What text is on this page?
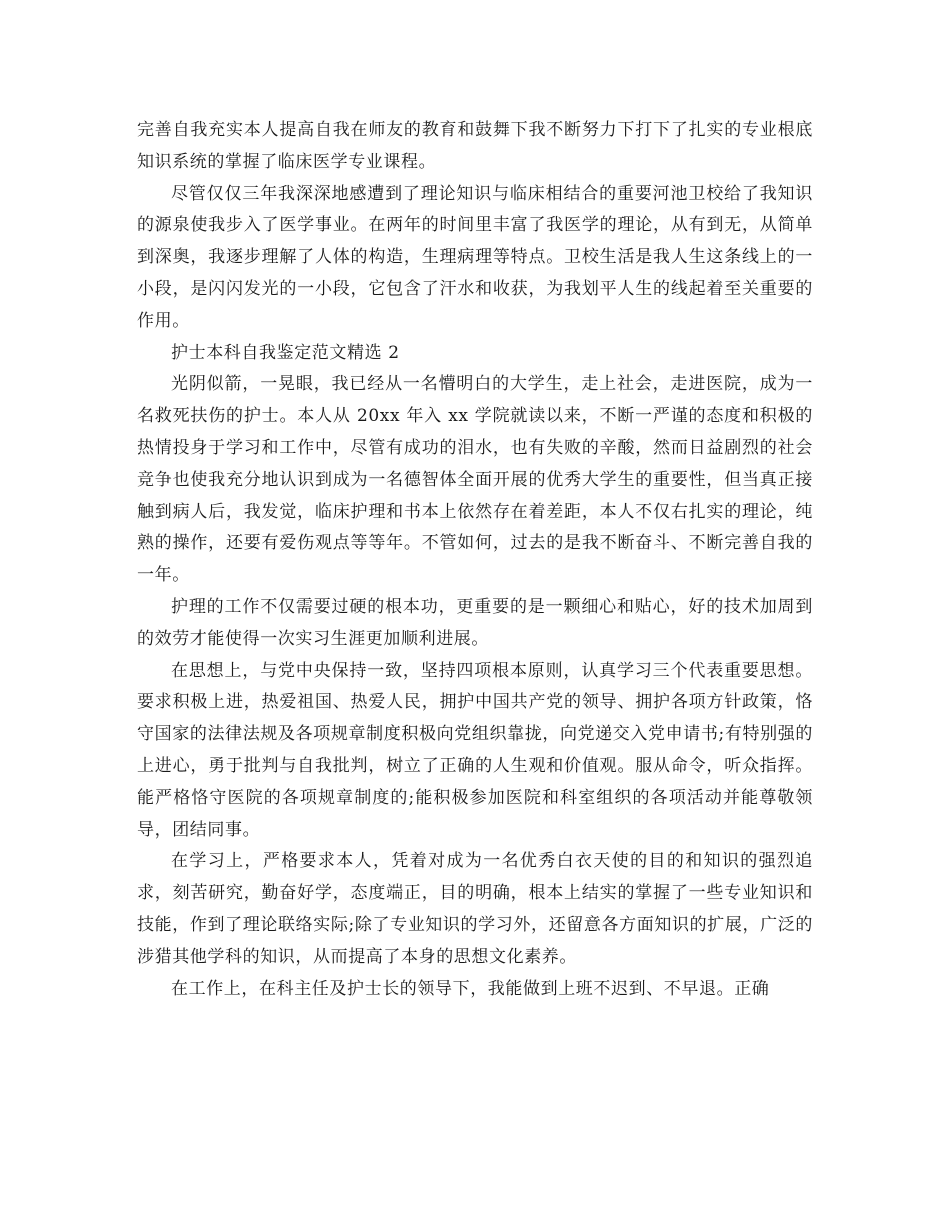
完善自我充实本人提高自我在师友的教育和鼓舞下我不断努力下打下了扎实的专业根底知识系统的掌握了临床医学专业课程。

尽管仅仅三年我深深地感遭到了理论知识与临床相结合的重要河池卫校给了我知识的源泉使我步入了医学事业。在两年的时间里丰富了我医学的理论，从有到无，从简单到深奥，我逐步理解了人体的构造，生理病理等特点。卫校生活是我人生这条线上的一小段，是闪闪发光的一小段，它包含了汗水和收获，为我划平人生的线起着至关重要的作用。

护士本科自我鉴定范文精选 2

光阴似箭，一晃眼，我已经从一名懵明白的大学生，走上社会，走进医院，成为一名救死扶伤的护士。本人从 20xx 年入 xx 学院就读以来，不断一严谨的态度和积极的热情投身于学习和工作中，尽管有成功的泪水，也有失败的辛酸，然而日益剧烈的社会竞争也使我充分地认识到成为一名德智体全面开展的优秀大学生的重要性，但当真正接触到病人后，我发觉，临床护理和书本上依然存在着差距，本人不仅右扎实的理论，纯熟的操作，还要有爱伤观点等等年。不管如何，过去的是我不断奋斗、不断完善自我的一年。

护理的工作不仅需要过硬的根本功，更重要的是一颗细心和贴心，好的技术加周到的效劳才能使得一次实习生涯更加顺利进展。

在思想上，与党中央保持一致，坚持四项根本原则，认真学习三个代表重要思想。要求积极上进，热爱祖国、热爱人民，拥护中国共产党的领导、拥护各项方针政策，恪守国家的法律法规及各项规章制度积极向党组织靠拢，向党递交入党申请书;有特别强的上进心，勇于批判与自我批判，树立了正确的人生观和价值观。服从命令，听众指挥。能严格恪守医院的各项规章制度的;能积极参加医院和科室组织的各项活动并能尊敬领导，团结同事。

在学习上，严格要求本人，凭着对成为一名优秀白衣天使的目的和知识的强烈追求，刻苦研究，勤奋好学，态度端正，目的明确，根本上结实的掌握了一些专业知识和技能，作到了理论联络实际;除了专业知识的学习外，还留意各方面知识的扩展，广泛的涉猎其他学科的知识，从而提高了本身的思想文化素养。

在工作上，在科主任及护士长的领导下，我能做到上班不迟到、不早退。正确
